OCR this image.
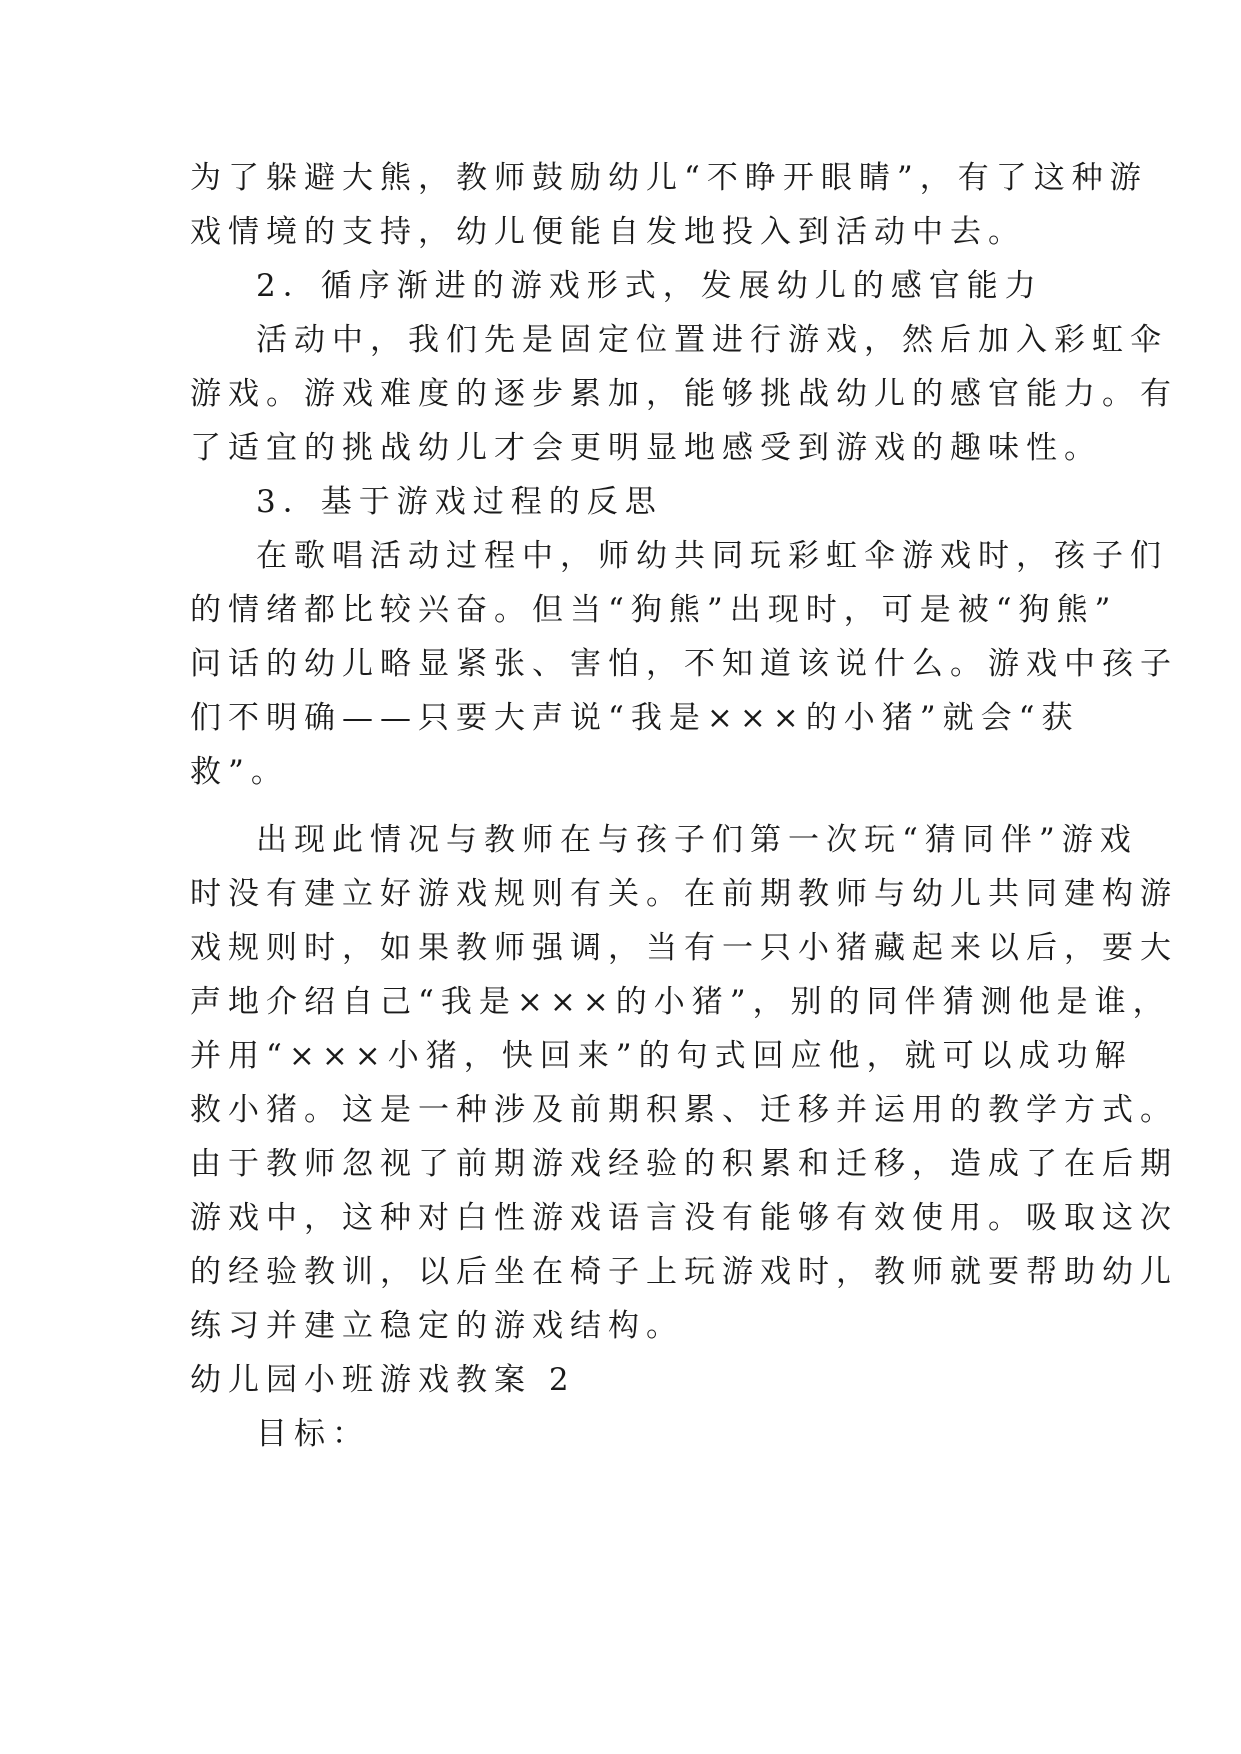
为了躲避大熊，教师鼓励幼儿“不睁开眼睛”，有了这种游
戏情境的支持，幼儿便能自发地投入到活动中去。
2．循序渐进的游戏形式，发展幼儿的感官能力
活动中，我们先是固定位置进行游戏，然后加入彩虹伞
游戏。游戏难度的逐步累加，能够挑战幼儿的感官能力。有
了适宜的挑战幼儿才会更明显地感受到游戏的趣味性。
3．基于游戏过程的反思
在歌唱活动过程中，师幼共同玩彩虹伞游戏时，孩子们
的情绪都比较兴奋。但当“狗熊”出现时，可是被“狗熊”
问话的幼儿略显紧张、害怕，不知道该说什么。游戏中孩子
们不明确——只要大声说“我是×××的小猪”就会“获
救”。
出现此情况与教师在与孩子们第一次玩“猜同伴”游戏
时没有建立好游戏规则有关。在前期教师与幼儿共同建构游
戏规则时，如果教师强调，当有一只小猪藏起来以后，要大
声地介绍自己“我是×××的小猪”，别的同伴猜测他是谁，
并用“×××小猪，快回来”的句式回应他，就可以成功解
救小猪。这是一种涉及前期积累、迁移并运用的教学方式。
由于教师忽视了前期游戏经验的积累和迁移，造成了在后期
游戏中，这种对白性游戏语言没有能够有效使用。吸取这次
的经验教训，以后坐在椅子上玩游戏时，教师就要帮助幼儿
练习并建立稳定的游戏结构。
幼儿园小班游戏教案 2
目标：
